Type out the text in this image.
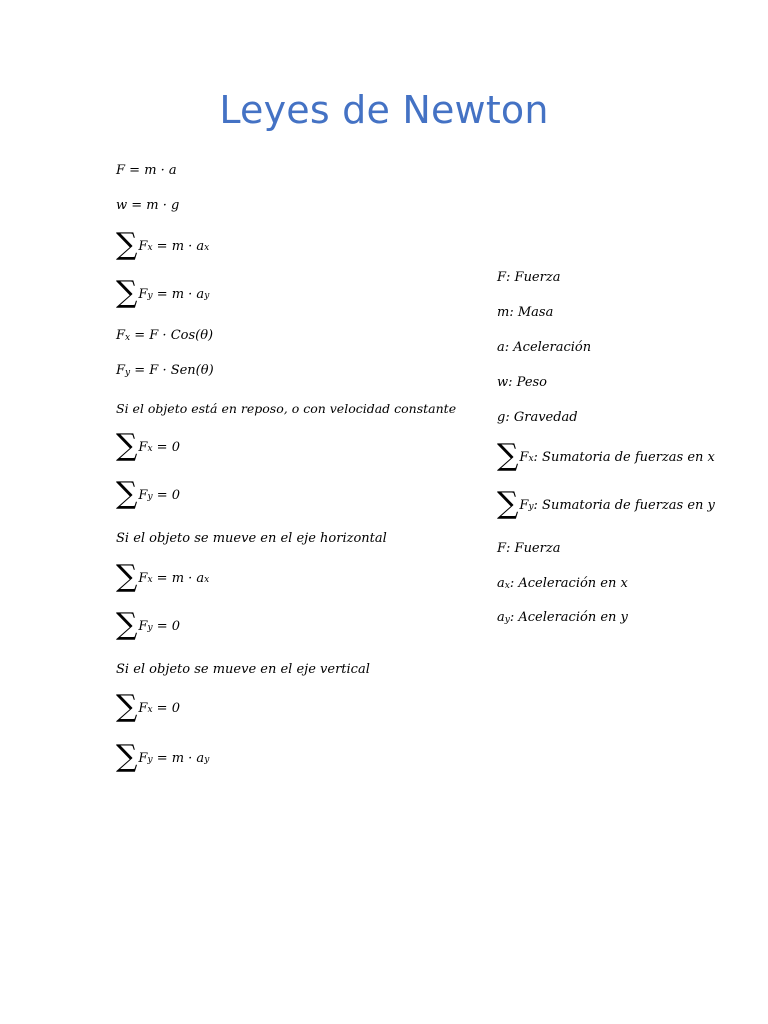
Leyes de Newton
F
= m · a
w
= m · g
∑ $F_x$
= $m \cdot a_x$
∑ $F_y$
= $m \cdot a_y$
$F_x$
= F · Cos(θ)
$F_y$
= F · Sen(θ)
Si el objeto está en reposo, o con velocidad constante
∑ $F_x$
= 0
∑ $F_y$
= 0
Si el objeto se mueve en el eje horizontal
∑ $F_x$
= $m \cdot a_x$
∑ $F_y$
= 0
Si el objeto se mueve en el eje vertical
∑ $F_x$
= 0
∑ $F_y$
= $m \cdot a_y$
F : Fuerza
m : Masa
a : Aceleración
w : Peso
g : Gravedad
∑ $F_x$ : Sumatoria de fuerzas en x
∑ $F_y$ : Sumatoria de fuerzas en y
F : Fuerza
$a_x$ : Aceleración en x
$a_y$ : Aceleración en y
